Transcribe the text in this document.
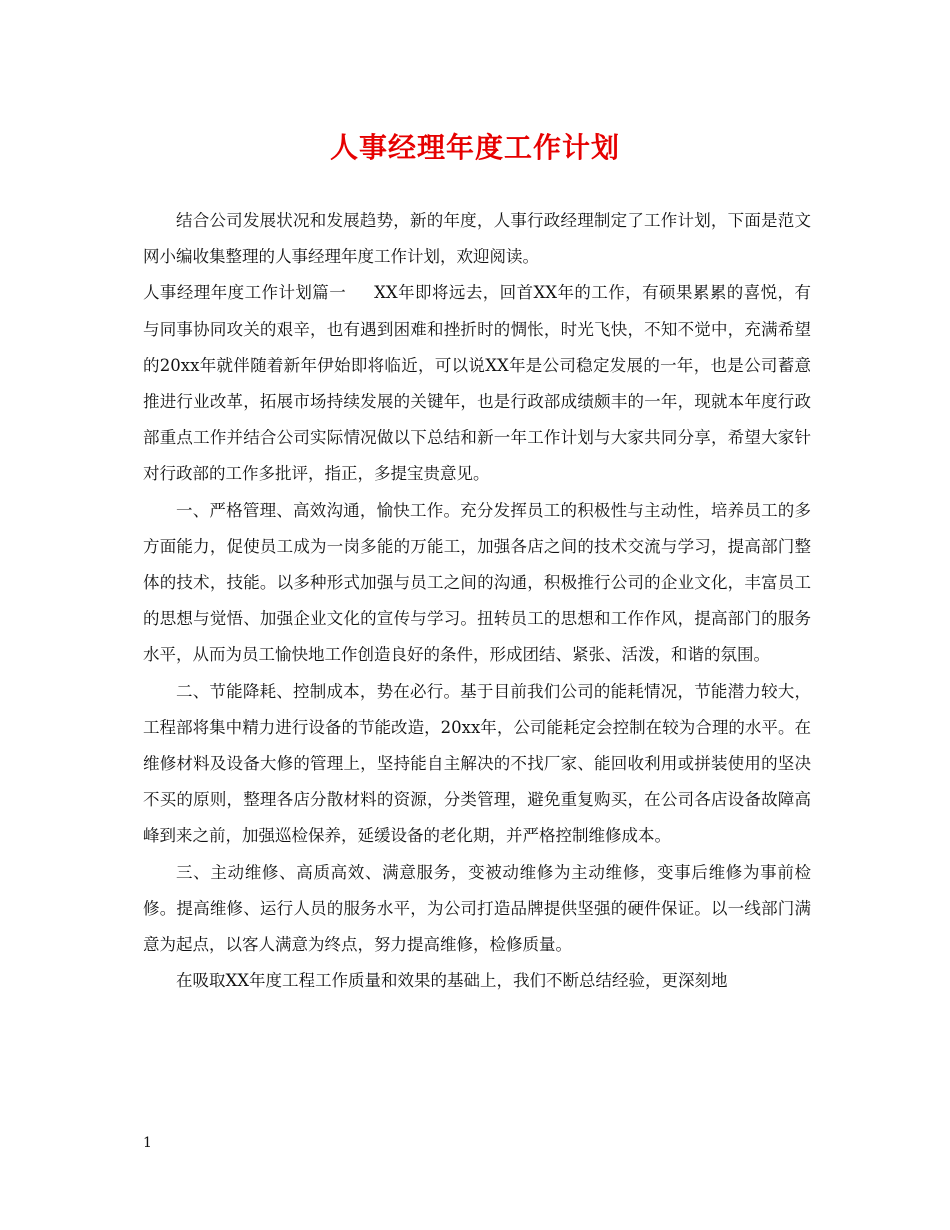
人事经理年度工作计划

结合公司发展状况和发展趋势，新的年度，人事行政经理制定了工作计划，下面是范文网小编收集整理的人事经理年度工作计划，欢迎阅读。

人事经理年度工作计划篇一 XX年即将远去，回首XX年的工作，有硕果累累的喜悦，有与同事协同攻关的艰辛，也有遇到困难和挫折时的惆怅，时光飞快，不知不觉中，充满希望的20xx年就伴随着新年伊始即将临近，可以说XX年是公司稳定发展的一年，也是公司蓄意推进行业改革，拓展市场持续发展的关键年，也是行政部成绩颇丰的一年，现就本年度行政部重点工作并结合公司实际情况做以下总结和新一年工作计划与大家共同分享，希望大家针对行政部的工作多批评，指正，多提宝贵意见。

一、严格管理、高效沟通，愉快工作。充分发挥员工的积极性与主动性，培养员工的多方面能力，促使员工成为一岗多能的万能工，加强各店之间的技术交流与学习，提高部门整体的技术，技能。以多种形式加强与员工之间的沟通，积极推行公司的企业文化，丰富员工的思想与觉悟、加强企业文化的宣传与学习。扭转员工的思想和工作作风，提高部门的服务水平，从而为员工愉快地工作创造良好的条件，形成团结、紧张、活泼，和谐的氛围。

二、节能降耗、控制成本，势在必行。基于目前我们公司的能耗情况，节能潜力较大，工程部将集中精力进行设备的节能改造，20xx年，公司能耗定会控制在较为合理的水平。在维修材料及设备大修的管理上，坚持能自主解决的不找厂家、能回收利用或拼装使用的坚决不买的原则，整理各店分散材料的资源，分类管理，避免重复购买，在公司各店设备故障高峰到来之前，加强巡检保养，延缓设备的老化期，并严格控制维修成本。

三、主动维修、高质高效、满意服务，变被动维修为主动维修，变事后维修为事前检修。提高维修、运行人员的服务水平，为公司打造品牌提供坚强的硬件保证。以一线部门满意为起点，以客人满意为终点，努力提高维修，检修质量。

在吸取XX年度工程工作质量和效果的基础上，我们不断总结经验，更深刻地

1
